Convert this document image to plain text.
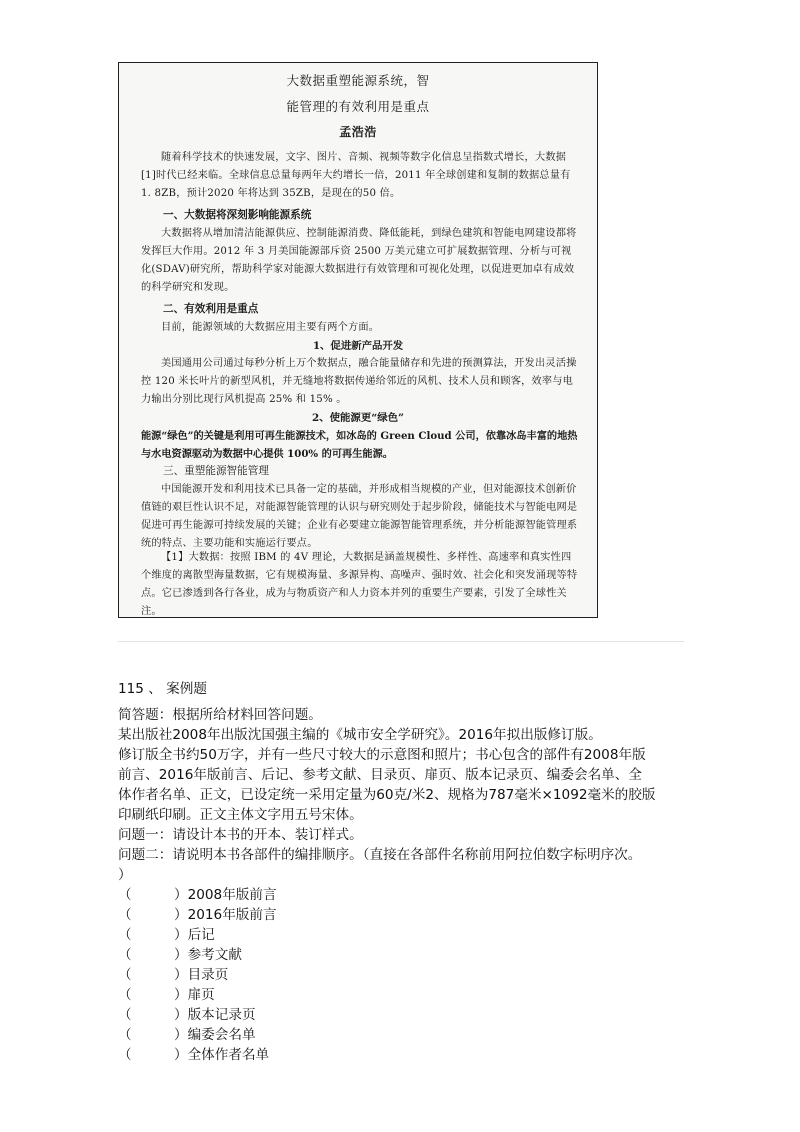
大数据重塑能源系统，智
能管理的有效利用是重点
孟浩浩
随着科学技术的快速发展，文字、图片、音频、视频等数字化信息呈指数式增长，大数据[1]时代已经来临。全球信息总量每两年大约增长一倍，2011 年全球创建和复制的数据总量有 1. 8ZB，预计2020 年将达到 35ZB，是现在的50 倍。
一、大数据将深刻影响能源系统
大数据将从增加清洁能源供应、控制能源消费、降低能耗，到绿色建筑和智能电网建设都将发挥巨大作用。2012 年 3 月美国能源部斥资 2500 万美元建立可扩展数据管理、分析与可视化(SDAV)研究所，帮助科学家对能源大数据进行有效管理和可视化处理，以促进更加卓有成效的科学研究和发现。
二、有效利用是重点
目前，能源领域的大数据应用主要有两个方面。
1、促进新产品开发
美国通用公司通过每秒分析上万个数据点，融合能量储存和先进的预测算法，开发出灵活操控 120 米长叶片的新型风机，并无缝地将数据传递给邻近的风机、技术人员和顾客，效率与电力输出分别比现行风机提高 25% 和 15% 。
2、使能源更“绿色”
能源“绿色”的关键是利用可再生能源技术，如冰岛的 Green Cloud 公司，依靠冰岛丰富的地热与水电资源驱动为数据中心提供 100% 的可再生能源。
三、重塑能源智能管理
中国能源开发和利用技术已具备一定的基础，并形成相当规模的产业，但对能源技术创新价值链的艰巨性认识不足，对能源智能管理的认识与研究则处于起步阶段，储能技术与智能电网是促进可再生能源可持续发展的关键；企业有必要建立能源智能管理系统，并分析能源智能管理系统的特点、主要功能和实施运行要点。
【1】大数据：按照 IBM 的 4V 理论，大数据是涵盖规模性、多样性、高速率和真实性四个维度的离散型海量数据，它有规模海量、多源异构、高噪声、强时效、社会化和突发涌现等特点。它已渗透到各行各业，成为与物质资产和人力资本并列的重要生产要素，引发了全球性关注。
115 、 案例题
简答题：根据所给材料回答问题。
某出版社2008年出版沈国强主编的《城市安全学研究》。2016年拟出版修订版。
修订版全书约50万字，并有一些尺寸较大的示意图和照片；书心包含的部件有2008年版
前言、2016年版前言、后记、参考文献、目录页、扉页、版本记录页、编委会名单、全
体作者名单、正文，已设定统一采用定量为60克/米2、规格为787毫米×1092毫米的胶版
印刷纸印刷。正文主体文字用五号宋体。
问题一：请设计本书的开本、装订样式。
问题二：请说明本书各部件的编排顺序。（直接在各部件名称前用阿拉伯数字标明序次。
）
（	）2008年版前言
（	）2016年版前言
（	）后记
（	）参考文献
（	）目录页
（	）扉页
（	）版本记录页
（	）编委会名单
（	）全体作者名单
